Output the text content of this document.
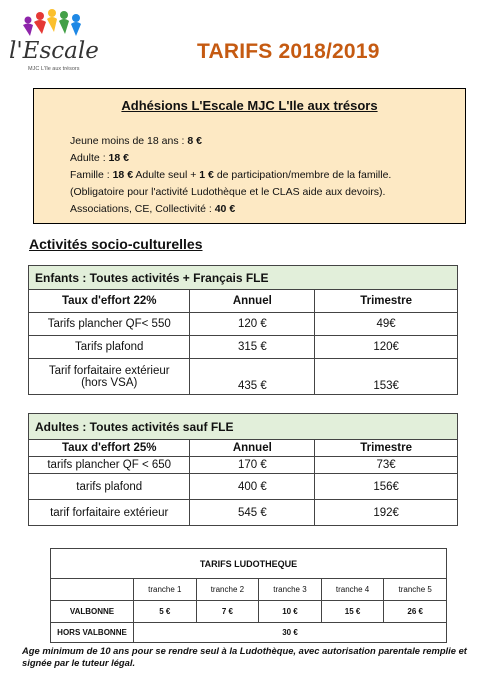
l'Escale
MJC L'île aux trésors
TARIFS 2018/2019
Adhésions L'Escale MJC L'Ile aux trésors
Jeune moins de 18 ans : 8 €
Adulte : 18 €
Famille : 18 € Adulte seul + 1 € de participation/membre de la famille.
(Obligatoire pour l'activité Ludothèque et le CLAS aide aux devoirs).
Associations, CE, Collectivité : 40 €
Activités socio-culturelles
Enfants : Toutes activités + Français FLE		
Taux d'effort 22%	Annuel	Trimestre
Tarifs plancher QF< 550	120 €	49€
Tarifs plafond	315 €	120€

Tarif forfaitaire extérieur
(hors VSA)	435 €	153€
Adultes : Toutes activités sauf FLE		
Taux d'effort 25%	Annuel	Trimestre
tarifs plancher QF < 650	170 €	73€
tarifs plafond	400 €	156€
tarif forfaitaire extérieur	545 €	192€
TARIFS LUDOTHEQUE					
	tranche 1	tranche 2	tranche 3	tranche 4	tranche 5
VALBONNE	5 €	7 €	10 €	15 €	26 €
HORS VALBONNE	30 €				
Age minimum de 10 ans pour se rendre seul à la Ludothèque, avec autorisation parentale remplie et signée par le tuteur légal.
